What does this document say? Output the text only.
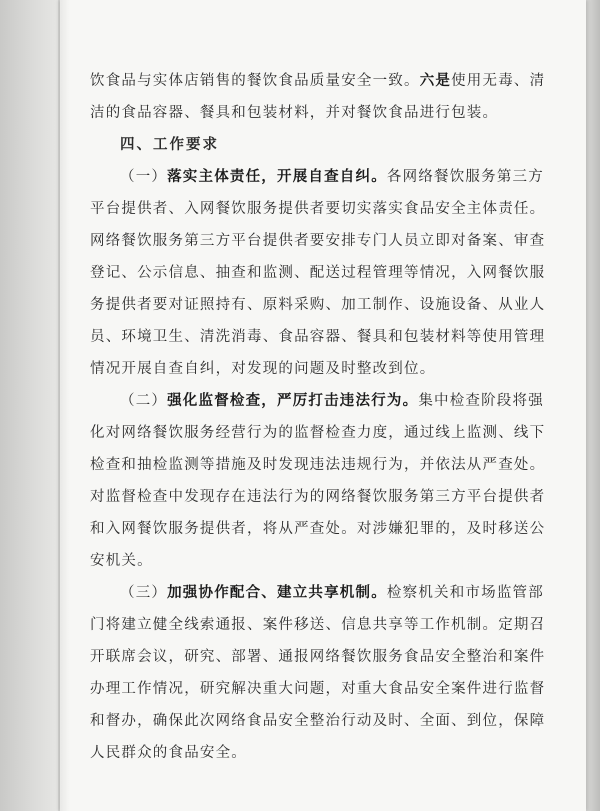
饮食品与实体店销售的餐饮食品质量安全一致。六是使用无毒、清
洁的食品容器、餐具和包装材料，并对餐饮食品进行包装。
四、工作要求
（一）落实主体责任，开展自查自纠。各网络餐饮服务第三方
平台提供者、入网餐饮服务提供者要切实落实食品安全主体责任。
网络餐饮服务第三方平台提供者要安排专门人员立即对备案、审查
登记、公示信息、抽查和监测、配送过程管理等情况，入网餐饮服
务提供者要对证照持有、原料采购、加工制作、设施设备、从业人
员、环境卫生、清洗消毒、食品容器、餐具和包装材料等使用管理
情况开展自查自纠，对发现的问题及时整改到位。
（二）强化监督检查，严厉打击违法行为。集中检查阶段将强
化对网络餐饮服务经营行为的监督检查力度，通过线上监测、线下
检查和抽检监测等措施及时发现违法违规行为，并依法从严查处。
对监督检查中发现存在违法行为的网络餐饮服务第三方平台提供者
和入网餐饮服务提供者，将从严查处。对涉嫌犯罪的，及时移送公
安机关。
（三）加强协作配合、建立共享机制。检察机关和市场监管部
门将建立健全线索通报、案件移送、信息共享等工作机制。定期召
开联席会议，研究、部署、通报网络餐饮服务食品安全整治和案件
办理工作情况，研究解决重大问题，对重大食品安全案件进行监督
和督办，确保此次网络食品安全整治行动及时、全面、到位，保障
人民群众的食品安全。
